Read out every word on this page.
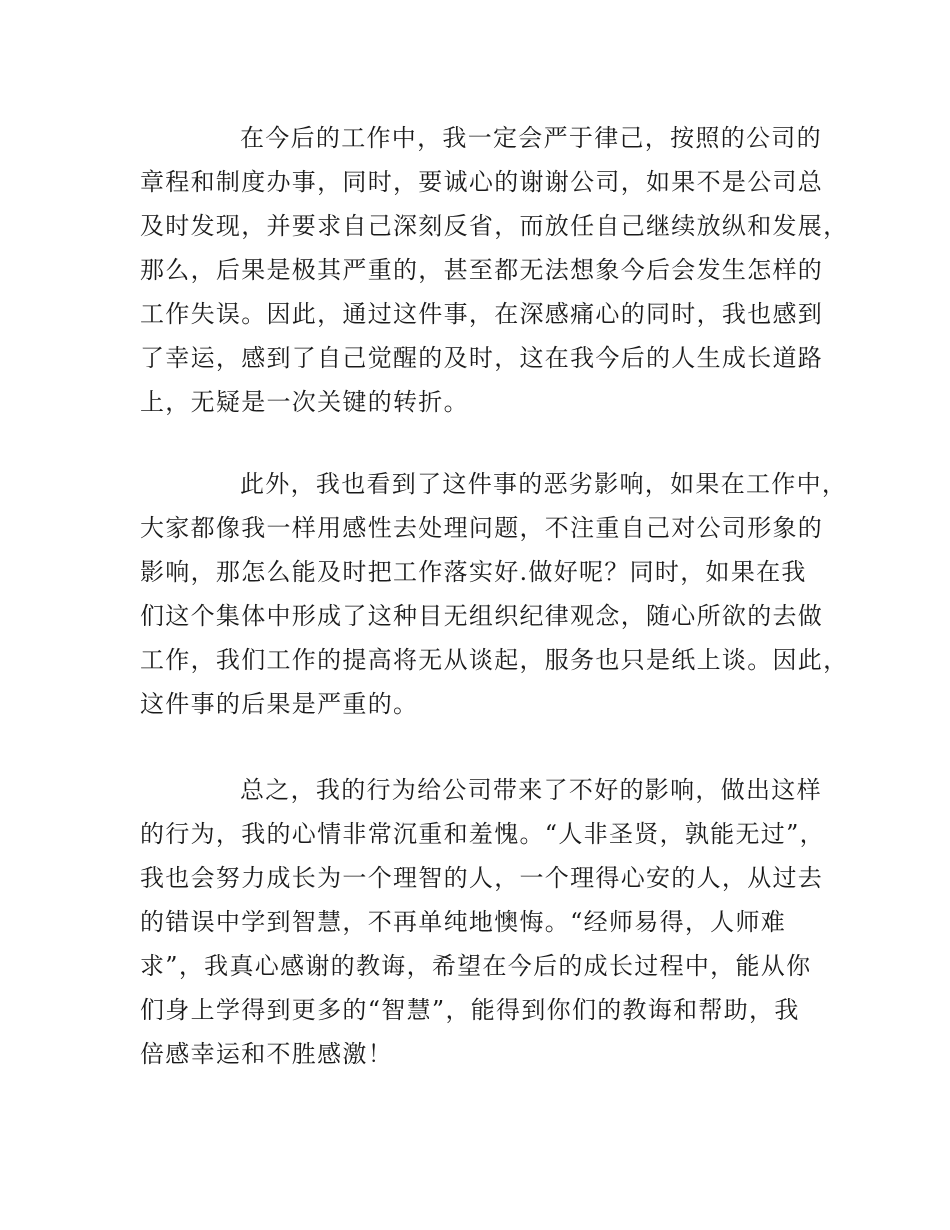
在今后的工作中，我一定会严于律己，按照的公司的
章程和制度办事，同时，要诚心的谢谢公司，如果不是公司总
及时发现，并要求自己深刻反省，而放任自己继续放纵和发展，
那么，后果是极其严重的，甚至都无法想象今后会发生怎样的
工作失误。因此，通过这件事，在深感痛心的同时，我也感到
了幸运，感到了自己觉醒的及时，这在我今后的人生成长道路
上，无疑是一次关键的转折。
此外，我也看到了这件事的恶劣影响，如果在工作中，
大家都像我一样用感性去处理问题，不注重自己对公司形象的
影响，那怎么能及时把工作落实好.做好呢？同时，如果在我
们这个集体中形成了这种目无组织纪律观念，随心所欲的去做
工作，我们工作的提高将无从谈起，服务也只是纸上谈。因此，
这件事的后果是严重的。
总之，我的行为给公司带来了不好的影响，做出这样
的行为，我的心情非常沉重和羞愧。“人非圣贤，孰能无过”，
我也会努力成长为一个理智的人，一个理得心安的人，从过去
的错误中学到智慧，不再单纯地懊悔。“经师易得，人师难
求”，我真心感谢的教诲，希望在今后的成长过程中，能从你
们身上学得到更多的“智慧”，能得到你们的教诲和帮助，我
倍感幸运和不胜感激！
